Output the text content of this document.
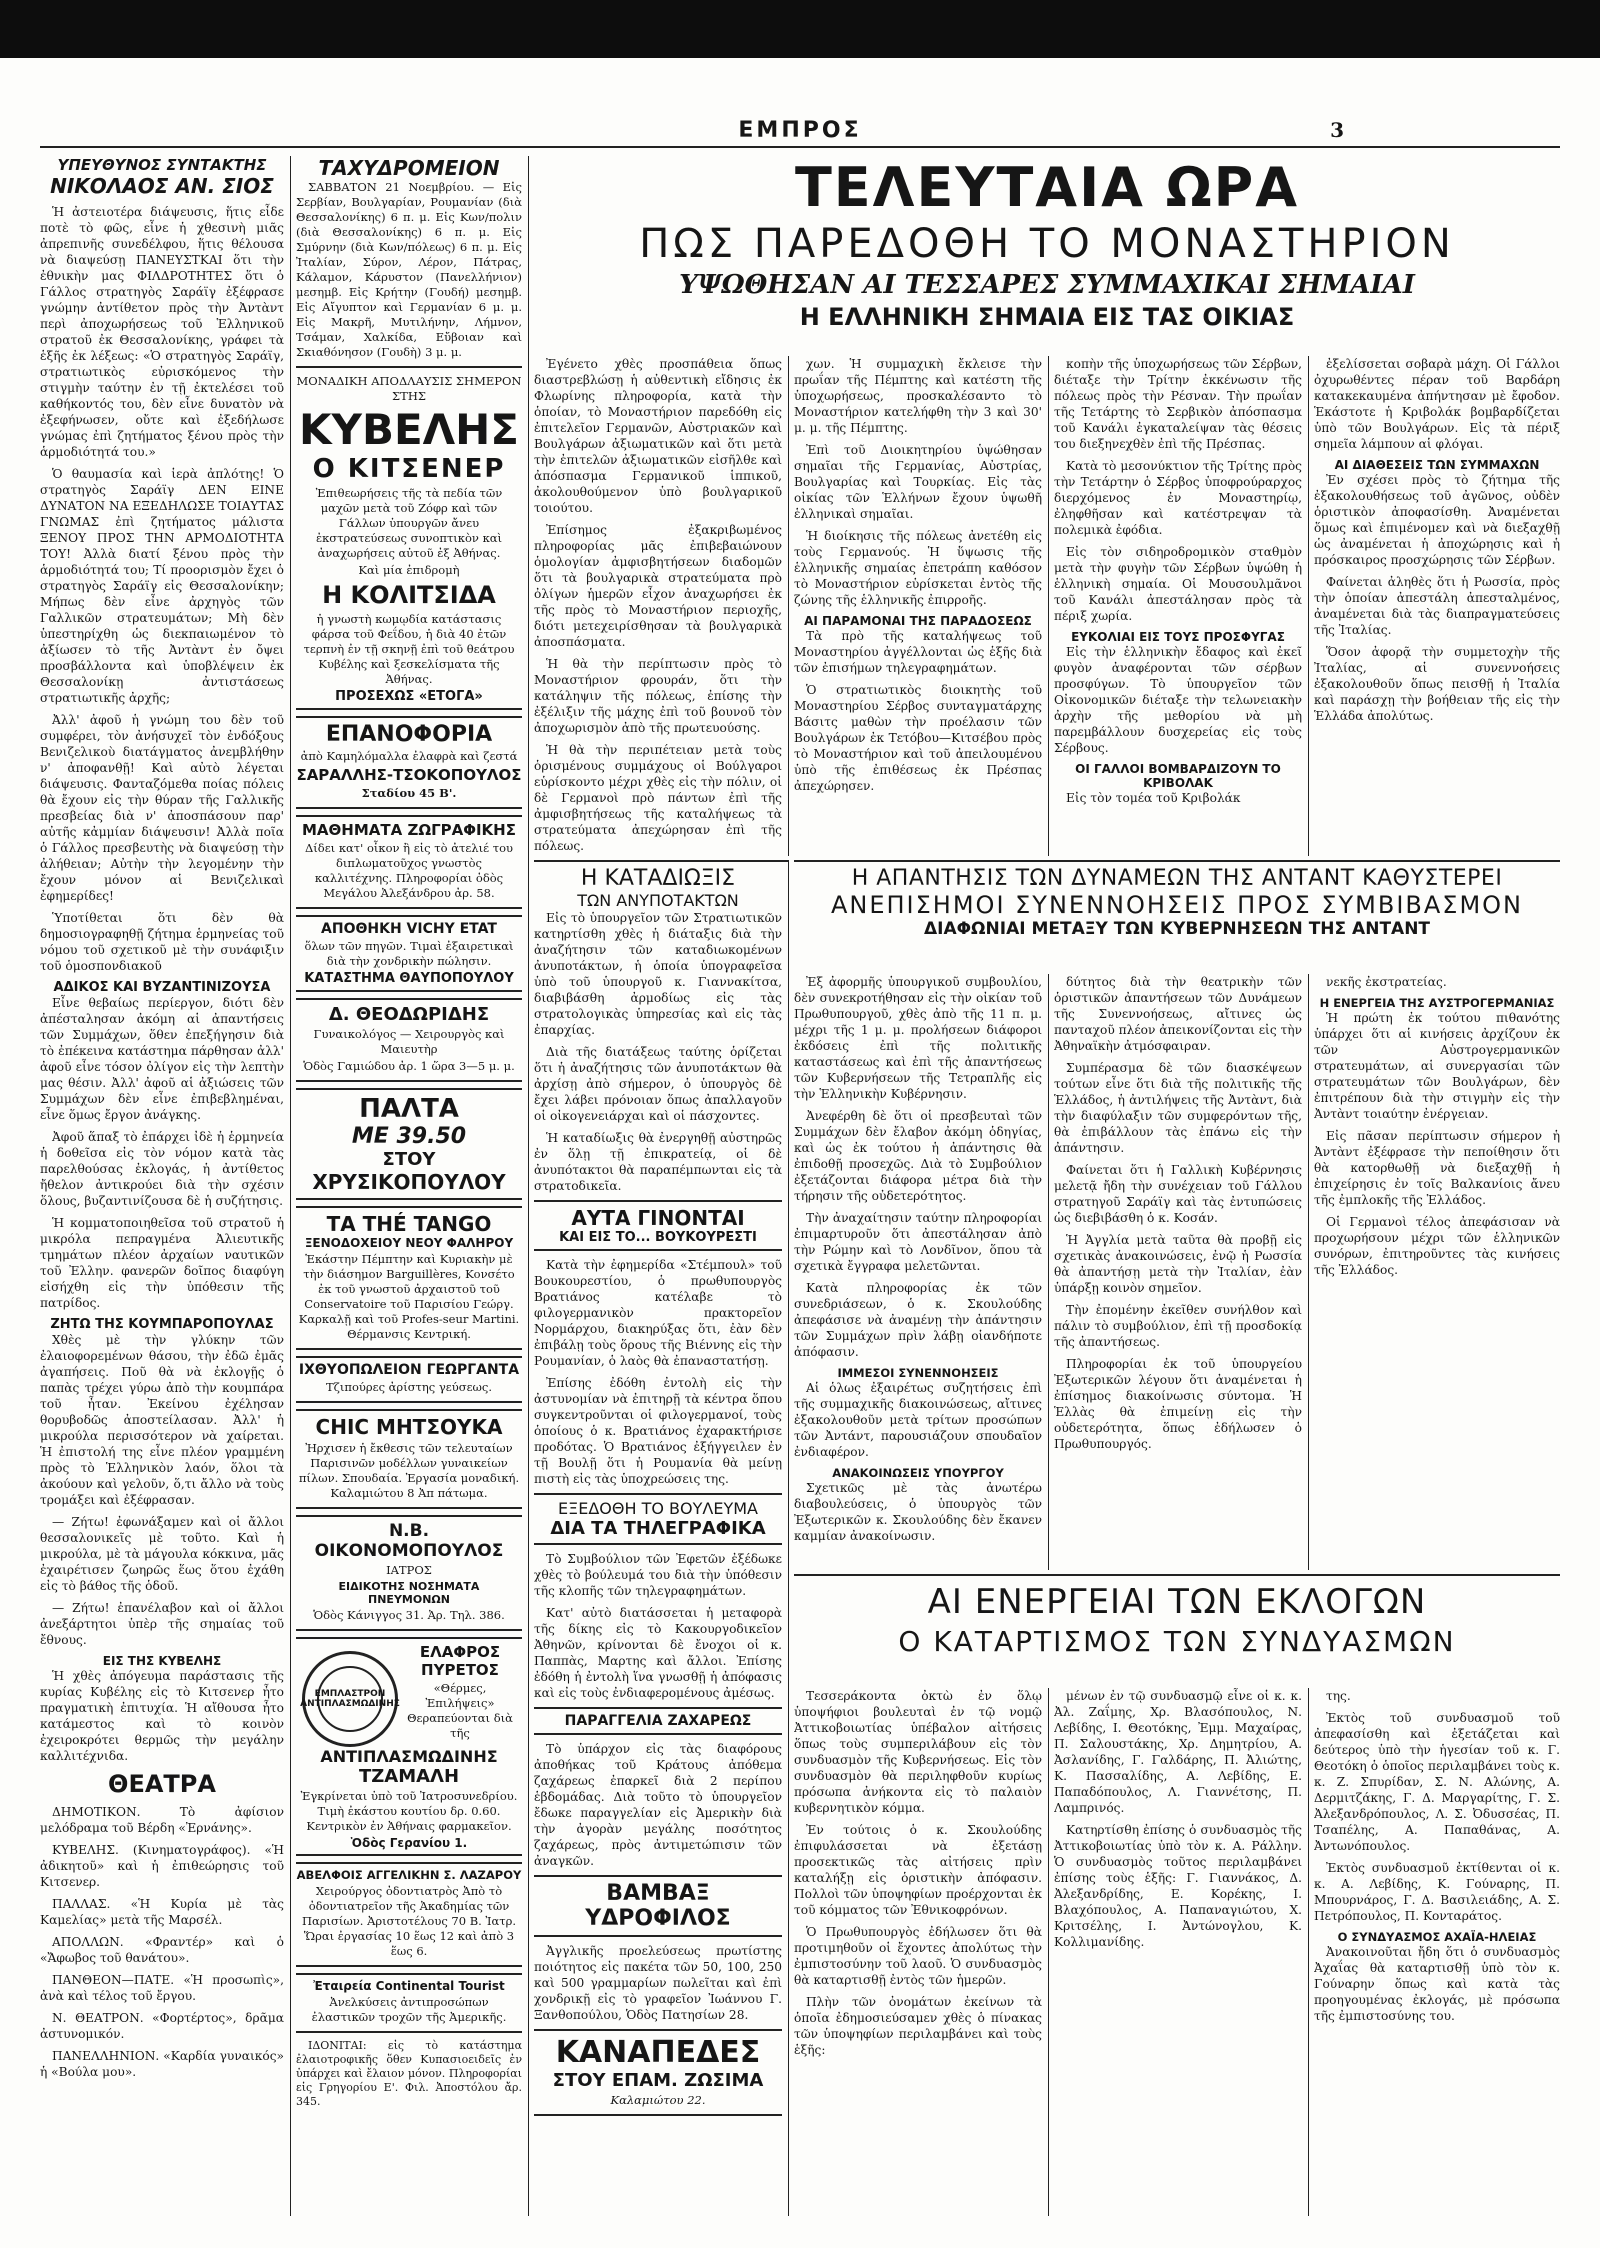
ΕΜΠΡΟΣ	3
ΥΠΕΥΘΥΝΟΣ ΣΥΝΤΑΚΤΗΣ
ΝΙΚΟΛΑΟΣ ΑΝ. ΣΙΟΣ

Ἡ ἀστειοτέρα διάψευσις, ἥτις εἶδε ποτὲ τὸ φῶς, εἶνε ἡ χθεσινὴ μιᾶς ἀπρεπινῆς συνεδέλφου, ἥτις θέλουσα νὰ διαψεύσῃ ΠΑΝΕΥΣΤΚΑΙ ὅτι τὴν ἐθνικὴν μας ΦΙΛΔΡΟΤΗΤΕΣ ὅτι ὁ Γάλλος στρατηγὸς Σαράϊγ ἐξέφρασε γνώμην ἀντίθετον πρὸς τὴν Ἀντὰντ περὶ ἀποχωρήσεως τοῦ Ἑλληνικοῦ στρατοῦ ἐκ Θεσσαλονίκης, γράφει τὰ ἑξῆς ἐκ λέξεως: «Ὁ στρατηγὸς Σαράϊγ, στρατιωτικὸς εὐρισκόμενος τὴν στιγμὴν ταύτην ἐν τῇ ἐκτελέσει τοῦ καθήκοντός του, δὲν εἶνε δυνατὸν νὰ ἐξεφήνωσεν, οὔτε καὶ ἐξεδήλωσε γνώμας ἐπὶ ζητήματος ξένου πρὸς τὴν ἁρμοδιότητά του.»

Ὁ θαυμασία καὶ ἱερὰ ἀπλότης! Ὁ στρατηγὸς Σαράϊγ ΔΕΝ ΕΙΝΕ ΔΥΝΑΤΟΝ ΝΑ ΕΞΕΔΗΛΩΣΕ ΤΟΙΑΥΤΑΣ ΓΝΩΜΑΣ ἐπὶ ζητήματος μάλιστα ΞΕΝΟΥ ΠΡΟΣ ΤΗΝ ΑΡΜΟΔΙΟΤΗΤΑ ΤΟΥ! Ἀλλὰ διατί ξένου πρὸς τὴν ἁρμοδιότητά του; Τί προορισμὸν ἔχει ὁ στρατηγὸς Σαράϊγ εἰς Θεσσαλονίκην; Μήπως δὲν εἶνε ἀρχηγὸς τῶν Γαλλικῶν στρατευμάτων; Μὴ δὲν ὑπεστηρίχθη ὡς διεκπαιωμένον τὸ ἀξίωσεν τὸ τῆς Ἀντὰντ ἐν ὄψει προσβάλλοντα καὶ ὑποβλέψειν ἐκ Θεσσαλονίκῃ ἀντιστάσεως στρατιωτικῆς ἀρχῆς;

Ἀλλ' ἀφοῦ ἡ γνώμη του δὲν τοῦ συμφέρει, τὸν ἀνήσυχεῖ τὸν ἐνδόξους Βενιζελικοὺ διατάγματος ἀνεμβλήθην ν' ἀποφανθῇ! Καὶ αὐτὸ λέγεται διάψευσις. Φανταζόμεθα ποίας πόλεις θὰ ἔχουν εἰς τὴν θύραν τῆς Γαλλικῆς πρεσβείας διὰ ν' ἀποσπάσουν παρ' αὐτῆς κἀμμίαν διάψευσιν! Ἀλλὰ ποῖα ὁ Γάλλος πρεσβευτὴς νὰ διαψεύσῃ τὴν ἀλήθειαν; Αὐτὴν τὴν λεγομένην τὴν ἔχουν μόνον αἱ Βενιζελικαὶ ἐφημερίδες!

Ὑποτίθεται ὅτι δὲν θὰ δημοσιογραφηθῇ ζήτημα ἑρμηνείας τοῦ νόμου τοῦ σχετικοῦ μὲ τὴν συνάφιξιν τοῦ ὁμοσπονδιακοῦ

ΑΔΙΚΟΣ ΚΑΙ ΒΥΖΑΝΤΙΝΙΖΟΥΣΑ

Εἶνε θεβαίως περίεργον, διότι δὲν ἀπέσταλησαν ἀκόμη αἱ ἀπαντήσεις τῶν Συμμάχων, ὅθεν ἐπεξήγησιν διὰ τὸ ἐπέκεινα κατάστημα πάρθησαν ἀλλ' ἀφοῦ εἶνε τόσον ὀλίγον εἰς τὴν λεπτὴν μας θέσιν. Ἀλλ' ἀφοῦ αἱ ἀξιώσεις τῶν Συμμάχων δὲν εἶνε ἐπιβεβλημέναι, εἶνε ὅμως ἔργον ἀνάγκης.

Ἀφοῦ ἅπαξ τὸ ἐπάρχει ἰδὲ ἡ ἑρμηνεία ἡ δοθεῖσα εἰς τὸν νόμον κατὰ τὰς παρελθούσας ἐκλογάς, ἡ ἀντίθετος ἤθελον ἀντικρούει διὰ τὴν σχέσιν ὅλους, βυζαντινίζουσα δὲ ἡ συζήτησις.

Ἡ κομματοποιηθεῖσα τοῦ στρατοῦ ἡ μικρόλα πεπραγμένα Ἀλιευτικῆς τμημάτων πλέον ἀρχαίων ναυτικῶν τοῦ Ἐλλην. φανερῶν δοῖπος διαφύγη εἰσήχθη εἰς τὴν ὑπόθεσιν τῆς πατρίδος.

ΖΗΤΩ ΤΗΣ ΚΟΥΜΠΑΡΟΠΟΥΛΑΣ

Χθὲς μὲ τὴν γλύκην τῶν ἐλαιοφορεμένων θάσου, τὴν ἐδῶ ἐμᾶς ἀγαπήσεις. Ποῦ θὰ νὰ ἐκλογῇς ὁ παπὰς τρέχει γύρω ἀπὸ τὴν κουμπάρα τοῦ ἦταν. Ἐκείνου ἐχέλησαν θορυβοδῶς ἀποστείλασαν. Ἀλλ' ἡ μικρούλα περισσότερον νὰ χαίρεται. Ἡ ἐπιστολή της εἶνε πλέον γραμμένη πρὸς τὸ Ἑλληνικὸν λαόν, ὅλοι τὰ ἀκούουν καὶ γελοῦν, ὅ,τι ἄλλο νὰ τοὺς τρομάξει καὶ ἐξέφρασαν.

— Ζήτω! ἐφωνάξαμεν καὶ οἱ ἄλλοι θεσσαλονικεῖς μὲ τοῦτο. Καὶ ἡ μικρούλα, μὲ τὰ μάγουλα κόκκινα, μᾶς ἐχαιρέτισεν ζωηρῶς ἕως ὅτου ἐχάθη εἰς τὸ βάθος τῆς ὁδοῦ.

— Ζήτω! ἐπανέλαβον καὶ οἱ ἄλλοι ἀνεξάρτητοι ὑπὲρ τῆς σημαίας τοῦ ἔθνους.

ΕΙΣ ΤΗΣ ΚΥΒΕΛΗΣ

Ἡ χθὲς ἀπόγευμα παράστασις τῆς κυρίας Κυβέλης εἰς τὸ Κιτσενερ ἦτο πραγματικὴ ἐπιτυχία. Ἡ αἴθουσα ἦτο κατάμεστος καὶ τὸ κοινὸν ἐχειροκρότει θερμῶς τὴν μεγάλην καλλιτέχνιδα.

ΘΕΑΤΡΑ

ΔΗΜΟΤΙΚΟΝ. Τὸ ἀφίσιον μελόδραμα τοῦ Βέρδη «Ἐρνάνης».

ΚΥΒΕΛΗΣ. (Κινηματογράφος). «Ἡ ἀδικητοῦ» καὶ ἡ ἐπιθεώρησις τοῦ Κιτσενερ.

ΠΑΛΛΑΣ. «Ἡ Κυρία μὲ τὰς Καμελίας» μετὰ τῆς Μαρσέλ.

ΑΠΟΛΛΩΝ. «Φραντέρ» καὶ ὁ «Ἄφωβος τοῦ θανάτου».

ΠΑΝΘΕΟΝ—ΠΑΤΕ. «Ἡ προσωπὶς», ἀνὰ καὶ τέλος τοῦ ἔργου.

Ν. ΘΕΑΤΡΟΝ. «Φορτέρτος», δρᾶμα ἀστυνομικόν.

ΠΑΝΕΛΛΗΝΙΟΝ. «Καρδία γυναικός» ἡ «Βούλα μου».

ΤΑΧΥΔΡΟΜΕΙΟΝ

ΣΑΒΒΑΤΟΝ 21 Νοεμβρίου. — Εἰς Σερβίαν, Βουλγαρίαν, Ρουμανίαν (διὰ Θεσσαλονίκης) 6 π. μ. Εἰς Κων/πολιν (διὰ Θεσσαλονίκης) 6 π. μ. Εἰς Σμύρνην (διὰ Κων/πόλεως) 6 π. μ. Εἰς Ἰταλίαν, Σύρον, Λέρον, Πάτρας, Κάλαμον, Κάρυστον (Πανελλήνιον) μεσημβ. Εἰς Κρήτην (Γουδή) μεσημβ. Εἰς Αἴγυπτον καὶ Γερμανίαν 6 μ. μ. Εἰς Μακρῆ, Μυτιλήνην, Λήμνον, Τσάμαν, Χαλκίδα, Εὔβοιαν καὶ Σκιαθόνησον (Γουδὴ) 3 μ. μ.

ΜΟΝΑΔΙΚΗ ΑΠΟΔΛΑΥΣΙΣ ΣΗΜΕΡΟΝ ΣΤΗΣ
ΚΥΒΕΛΗΣ
Ο ΚΙΤΣΕΝΕΡ
Ἐπιθεωρήσεις τῆς τὰ πεδία τῶν μαχῶν μετὰ τοῦ Ζόφρ καὶ τῶν Γάλλων ὑπουργῶν ἄνευ ἐκστρατεύσεως συνοπτικὸν καὶ ἀναχωρήσεις αὐτοῦ ἐξ Ἀθήνας.
Καὶ μία ἐπιδρομὴ
Η ΚΟΛΙΤΣΙΔΑ
ἡ γνωστὴ κωμῳδία κατάστασις φάρσα τοῦ Φεΐδου, ἡ διὰ 40 ἐτῶν τερπνὴ ἐν τῇ σκηνῇ ἐπὶ τοῦ θεάτρου Κυβέλης καὶ ξεσκελίσματα τῆς Ἀθήνας.
ΠΡΟΣΕΧΩΣ «ΕΤΟΓΑ»
ΕΠΑΝΟΦΟΡΙΑ
ἀπὸ Καμηλόμαλλα ἐλαφρὰ καὶ ζεστά
ΣΑΡΑΛΛΗΣ-ΤΣΟΚΟΠΟΥΛΟΣ
Σταδίου 45 Β'.
ΜΑΘΗΜΑΤΑ ΖΩΓΡΑΦΙΚΗΣ
Δίδει κατ' οἶκον ἢ εἰς τὸ ἀτελιέ του διπλωματοῦχος γνωστὸς καλλιτέχνης. Πληροφορίαι ὁδὸς Μεγάλου Ἀλεξάνδρου ἀρ. 58.
ΑΠΟΘΗΚΗ VICHY ETAT
ὅλων τῶν πηγῶν. Τιμαὶ ἐξαιρετικαὶ διὰ τὴν χονδρικὴν πώλησιν.
ΚΑΤΑΣΤΗΜΑ ΘΑΥΠΟΠΟΥΛΟΥ
Δ. ΘΕΟΔΩΡΙΔΗΣ
Γυναικολόγος — Χειρουργὸς καὶ Μαιευτὴρ
Ὁδὸς Γαμιώδου ἀρ. 1 ὥρα 3—5 μ. μ.
ΠΑΛΤΑ
ΜΕ 39.50
ΣΤΟΥ
ΧΡΥΣΙΚΟΠΟΥΛΟΥ
ΤΑ ΤΗÉ TANGO
ΞΕΝΟΔΟΧΕΙΟΥ ΝΕΟΥ ΦΑΛΗΡΟΥ
Ἑκάστην Πέμπτην καὶ Κυριακὴν μὲ τὴν διάσημον Barguillères, Κονσέτο ἐκ τοῦ γνωστοῦ ἀρχαιστοῦ τοῦ Conservatoire τοῦ Παρισίου Γεώργ. Καρκαλῇ καὶ τοῦ Profes-seur Martini. Θέρμανσις Κεντρική.
ΙΧΘΥΟΠΩΛΕΙΟΝ ΓΕΩΡΓΑΝΤΑ
Τζιπούρες ἀρίστης γεύσεως.
CHIC ΜΗΤΣΟΥΚΑ
Ἠρχισεν ἡ ἔκθεσις τῶν τελευταίων Παρισινῶν μοδέλλων γυναικείων πίλων. Σπουδαία. Ἐργασία μοναδική. Καλαμιώτου 8 Ἀπ πάτωμα.
Ν.Β. ΟΙΚΟΝΟΜΟΠΟΥΛΟΣ
ΙΑΤΡΟΣ
ΕΙΔΙΚΟΤΗΣ ΝΟΣΗΜΑΤΑ ΠΝΕΥΜΟΝΩΝ
Ὁδὸς Κάνιγγος 31. Ἀρ. Τηλ. 386.
ΕΜΠΛΑΣΤΡΟΝ ΑΝΤΙΠΛΑΣΜΩΔΙΝΗΣ
ΕΛΑΦΡΟΣ ΠΥΡΕΤΟΣ
«Θέρμες, Ἐπιλήψεις» Θεραπεύονται διὰ τῆς
ΑΝΤΙΠΛΑΣΜΩΔΙΝΗΣ
ΤΖΑΜΑΛΗ
Ἐγκρίνεται ὑπὸ τοῦ Ἰατροσυνεδρίου. Τιμὴ ἐκάστου κουτίου δρ. 0.60. Κεντρικὸν ἐν Ἀθήναις φαρμακεῖον.
Ὁδὸς Γερανίου 1.
ΑΒΕΛΦΟΙΣ ΑΓΓΕΛΙΚΗΝ Σ. ΛΑΖΑΡΟΥ
Χειρούργος ὀδοντιατρὸς Ἀπὸ τὸ ὀδοντιατρεῖον τῆς Ἀκαδημίας τῶν Παρισίων. Ἀριστοτέλους 70 Β. Ἰατρ. Ὥραι ἐργασίας 10 ἕως 12 καὶ ἀπὸ 3 ἕως 6.
Ἐταιρεία Continental Tourist
Ἀνελκύσεις ἀντιπροσώπων ἐλαστικῶν τροχῶν τῆς Ἀμερικῆς.

ΙΔΟΝΙΤΑΙ: εἰς τὸ κατάστημα ἐλαιοτροφικῆς ὅθεν Κυπασιοειδεῖς ἐν ὑπάρχει καὶ ἔλαιον μόνον. Πληροφορίαι εἰς Γρηγορίου Ε'. Φιλ. Ἀποστόλου ἄρ. 345.

ΤΕΛΕΥΤΑΙΑ ΩΡΑ
ΠΩΣ ΠΑΡΕΔΟΘΗ ΤΟ ΜΟΝΑΣΤΗΡΙΟΝ
ΥΨΩΘΗΣΑΝ ΑΙ ΤΕΣΣΑΡΕΣ ΣΥΜΜΑΧΙΚΑΙ ΣΗΜΑΙΑΙ
Η ΕΛΛΗΝΙΚΗ ΣΗΜΑΙΑ ΕΙΣ ΤΑΣ ΟΙΚΙΑΣ

Ἐγένετο χθὲς προσπάθεια ὅπως διαστρεβλώσῃ ἡ αὐθεντικὴ εἴδησις ἐκ Φλωρίνης πληροφορία, κατὰ τὴν ὁποίαν, τὸ Μοναστήριον παρεδόθη εἰς ἐπιτελεῖον Γερμανῶν, Αὐστριακῶν καὶ Βουλγάρων ἀξιωματικῶν καὶ ὅτι μετὰ τὴν ἐπιτελῶν ἀξιωματικῶν εἰσῆλθε καὶ ἀπόσπασμα Γερμανικοῦ ἱππικοῦ, ἀκολουθούμενον ὑπὸ βουλγαρικοῦ τοιούτου.

Ἐπίσημος ἐξακριβωμένος πληροφορίας μᾶς ἐπιβεβαιώνουν ὁμολογίαν ἀμφισβητήσεων διαδομῶν ὅτι τὰ βουλγαρικὰ στρατεύματα πρὸ ὀλίγων ἡμερῶν εἶχον ἀναχωρήσει ἐκ τῆς πρὸς τὸ Μοναστήριον περιοχῆς, διότι μετεχειρίσθησαν τὰ βουλγαρικὰ ἀποσπάσματα.

Ἡ θὰ τὴν περίπτωσιν πρὸς τὸ Μοναστήριον φρουράν, ὅτι τὴν κατάληψιν τῆς πόλεως, ἐπίσης τὴν ἐξέλιξιν τῆς μάχης ἐπὶ τοῦ βουνοῦ τὸν ἀποχωρισμὸν ἀπὸ τῆς πρωτευούσης.

Ἡ θὰ τὴν περιπέτειαν μετὰ τοὺς ὁρισμένους συμμάχους οἱ Βούλγαροι εὑρίσκοντο μέχρι χθὲς εἰς τὴν πόλιν, οἱ δὲ Γερμανοὶ πρὸ πάντων ἐπὶ τῆς ἀμφισβητήσεως τῆς καταλήψεως τὰ στρατεύματα ἀπεχώρησαν ἐπὶ τῆς πόλεως.

χων. Ἡ συμμαχικὴ ἔκλεισε τὴν πρωΐαν τῆς Πέμπτης καὶ κατέστη τῆς ὑποχωρήσεως, προσκαλέσαντο τὸ Μοναστήριον κατελήφθη τὴν 3 καὶ 30' μ. μ. τῆς Πέμπτης.

Ἐπὶ τοῦ Διοικητηρίου ὑψώθησαν σημαῖαι τῆς Γερμανίας, Αὐστρίας, Βουλγαρίας καὶ Τουρκίας. Εἰς τὰς οἰκίας τῶν Ἑλλήνων ἔχουν ὑψωθῆ ἑλληνικαὶ σημαῖαι.

Ἡ διοίκησις τῆς πόλεως ἀνετέθη εἰς τοὺς Γερμανούς. Ἡ ὕψωσις τῆς ἑλληνικῆς σημαίας ἐπετράπη καθόσον τὸ Μοναστήριον εὑρίσκεται ἐντὸς τῆς ζώνης τῆς ἑλληνικῆς ἐπιρροῆς.

ΑΙ ΠΑΡΑΜΟΝΑΙ ΤΗΣ ΠΑΡΑΔΟΣΕΩΣ

Τὰ πρὸ τῆς καταλήψεως τοῦ Μοναστηρίου ἀγγέλλονται ὡς ἑξῆς διὰ τῶν ἐπισήμων τηλεγραφημάτων.

Ὁ στρατιωτικὸς διοικητὴς τοῦ Μοναστηρίου Σέρβος συνταγματάρχης Βάσιτς μαθὼν τὴν προέλασιν τῶν Βουλγάρων ἐκ Τετόβου—Κιτσέβου πρὸς τὸ Μοναστήριον καὶ τοῦ ἀπειλουμένου ὑπὸ τῆς ἐπιθέσεως ἐκ Πρέσπας ἀπεχώρησεν.

κοπὴν τῆς ὑποχωρήσεως τῶν Σέρβων, διέταξε τὴν Τρίτην ἐκκένωσιν τῆς πόλεως πρὸς τὴν Ρέσναν. Τὴν πρωΐαν τῆς Τετάρτης τὸ Σερβικὸν ἀπόσπασμα τοῦ Κανάλι ἐγκαταλείψαν τὰς θέσεις του διεξηνεχθὲν ἐπὶ τῆς Πρέσπας.

Κατὰ τὸ μεσονύκτιον τῆς Τρίτης πρὸς τὴν Τετάρτην ὁ Σέρβος ὑποφρούραρχος διερχόμενος ἐν Μοναστηρίῳ, ἐληφθῆσαν καὶ κατέστρεψαν τὰ πολεμικὰ ἐφόδια.

Εἰς τὸν σιδηροδρομικὸν σταθμὸν μετὰ τὴν φυγὴν τῶν Σέρβων ὑψώθη ἡ ἑλληνικὴ σημαία. Οἱ Μουσουλμᾶνοι τοῦ Κανάλι ἀπεστάλησαν πρὸς τὰ πέριξ χωρία.

ΕΥΚΟΛΙΑΙ ΕΙΣ ΤΟΥΣ ΠΡΟΣΦΥΓΑΣ

Εἰς τὴν ἑλληνικὴν ἔδαφος καὶ ἐκεῖ φυγὸν ἀναφέρονται τῶν σέρβων προσφύγων. Τὸ ὑπουργεῖον τῶν Οἰκονομικῶν διέταξε τὴν τελωνειακὴν ἀρχὴν τῆς μεθορίου νὰ μὴ παρεμβάλλουν δυσχερείας εἰς τοὺς Σέρβους.

ΟΙ ΓΑΛΛΟΙ ΒΟΜΒΑΡΔΙΖΟΥΝ ΤΟ ΚΡΙΒΟΛΑΚ

Εἰς τὸν τομέα τοῦ Κριβολάκ

ἐξελίσσεται σοβαρὰ μάχη. Οἱ Γάλλοι ὀχυρωθέντες πέραν τοῦ Βαρδάρη κατακεκαυμένα ἀπήντησαν μὲ ἔφοδον. Ἑκάστοτε ἡ Κριβολάκ βομβαρδίζεται ὑπὸ τῶν Βουλγάρων. Εἰς τὰ πέριξ σημεῖα λάμπουν αἱ φλόγαι.

ΑΙ ΔΙΑΘΕΣΕΙΣ ΤΩΝ ΣΥΜΜΑΧΩΝ

Ἐν σχέσει πρὸς τὸ ζήτημα τῆς ἐξακολουθήσεως τοῦ ἀγῶνος, οὐδὲν ὁριστικὸν ἀποφασίσθη. Ἀναμένεται ὅμως καὶ ἐπιμένομεν καὶ νὰ διεξαχθῇ ὡς ἀναμένεται ἡ ἀποχώρησις καὶ ἡ πρόσκαιρος προσχώρησις τῶν Σέρβων.

Φαίνεται ἀληθὲς ὅτι ἡ Ρωσσία, πρὸς τὴν ὁποίαν ἀπεστάλη ἀπεσταλμένος, ἀναμένεται διὰ τὰς διαπραγματεύσεις τῆς Ἰταλίας.

Ὅσον ἀφορᾷ τὴν συμμετοχὴν τῆς Ἰταλίας, αἱ συνεννοήσεις ἐξακολουθοῦν ὅπως πεισθῇ ἡ Ἰταλία καὶ παράσχῃ τὴν βοήθειαν τῆς εἰς τὴν Ἑλλάδα ἀπολύτως.

Η ΚΑΤΑΔΙΩΞΙΣ
ΤΩΝ ΑΝΥΠΟΤΑΚΤΩΝ

Εἰς τὸ ὑπουργεῖον τῶν Στρατιωτικῶν κατηρτίσθη χθὲς ἡ διάταξις διὰ τὴν ἀναζήτησιν τῶν καταδιωκομένων ἀνυποτάκτων, ἡ ὁποία ὑπογραφεῖσα ὑπὸ τοῦ ὑπουργοῦ κ. Γιαννακίτσα, διαβιβάσθη ἀρμοδίως εἰς τὰς στρατολογικὰς ὑπηρεσίας καὶ εἰς τὰς ἐπαρχίας.

Διὰ τῆς διατάξεως ταύτης ὁρίζεται ὅτι ἡ ἀναζήτησις τῶν ἀνυποτάκτων θὰ ἀρχίσῃ ἀπὸ σήμερον, ὁ ὑπουργὸς δὲ ἔχει λάβει πρόνοιαν ὅπως ἀπαλλαγοῦν οἱ οἰκογενειάρχαι καὶ οἱ πάσχοντες.

Ἡ καταδίωξις θὰ ἐνεργηθῇ αὐστηρῶς ἐν ὅλῃ τῇ ἐπικρατείᾳ, οἱ δὲ ἀνυπότακτοι θὰ παραπέμπωνται εἰς τὰ στρατοδικεῖα.

ΑΥΤΑ ΓΙΝΟΝΤΑΙ
ΚΑΙ ΕΙΣ ΤΟ... ΒΟΥΚΟΥΡΕΣΤΙ

Κατὰ τὴν ἐφημερίδα «Στέμπουλ» τοῦ Βουκουρεστίου, ὁ πρωθυπουργὸς Βρατιάνος κατέλαβε τὸ φιλογερμανικὸν πρακτορεῖον Νορμάρχου, διακηρύξας ὅτι, ἐὰν δὲν ἐπιβάλῃ τοὺς ὅρους τῆς Βιέννης εἰς τὴν Ρουμανίαν, ὁ λαὸς θὰ ἐπαναστατήσῃ.

Ἐπίσης ἐδόθη ἐντολὴ εἰς τὴν ἀστυνομίαν νὰ ἐπιτηρῇ τὰ κέντρα ὅπου συγκεντροῦνται οἱ φιλογερμανοί, τοὺς ὁποίους ὁ κ. Βρατιάνος ἐχαρακτήρισε προδότας. Ὁ Βρατιάνος ἐξήγγειλεν ἐν τῇ Βουλῇ ὅτι ἡ Ρουμανία θὰ μείνῃ πιστὴ εἰς τὰς ὑποχρεώσεις της.

ΕΞΕΔΟΘΗ ΤΟ ΒΟΥΛΕΥΜΑ
ΔΙΑ ΤΑ ΤΗΛΕΓΡΑΦΙΚΑ

Τὸ Συμβούλιον τῶν Ἐφετῶν ἐξέδωκε χθὲς τὸ βούλευμά του διὰ τὴν ὑπόθεσιν τῆς κλοπῆς τῶν τηλεγραφημάτων.

Κατ' αὐτὸ διατάσσεται ἡ μεταφορὰ τῆς δίκης εἰς τὸ Κακουργοδικεῖον Ἀθηνῶν, κρίνονται δὲ ἔνοχοι οἱ κ. Παππὰς, Μαρτης καὶ ἄλλοι. Ἐπίσης ἐδόθη ἡ ἐντολὴ ἵνα γνωσθῇ ἡ ἀπόφασις καὶ εἰς τοὺς ἐνδιαφερομένους ἀμέσως.

ΠΑΡΑΓΓΕΛΙΑ ΖΑΧΑΡΕΩΣ

Τὸ ὑπάρχον εἰς τὰς διαφόρους ἀποθήκας τοῦ Κράτους ἀπόθεμα ζαχάρεως ἐπαρκεῖ διὰ 2 περίπου ἑβδομάδας. Διὰ τοῦτο τὸ ὑπουργεῖον ἔδωκε παραγγελίαν εἰς Ἀμερικὴν διὰ τὴν ἀγορὰν μεγάλης ποσότητος ζαχάρεως, πρὸς ἀντιμετώπισιν τῶν ἀναγκῶν.

ΒΑΜΒΑΞ ΥΔΡΟΦΙΛΟΣ

Ἀγγλικῆς προελεύσεως πρωτίστης ποιότητος εἰς πακέτα τῶν 50, 100, 250 καὶ 500 γραμμαρίων πωλεῖται καὶ ἐπὶ χονδρικῇ εἰς τὸ γραφεῖον Ἰωάννου Γ. Ξανθοπούλου, Ὁδὸς Πατησίων 28.

ΚΑΝΑΠΕΔΕΣ
ΣΤΟΥ ΕΠΑΜ. ΖΩΣΙΜΑ
Καλαμιώτου 22.
Η ΑΠΑΝΤΗΣΙΣ ΤΩΝ ΔΥΝΑΜΕΩΝ ΤΗΣ ΑΝΤΑΝΤ ΚΑΘΥΣΤΕΡΕΙ
ΑΝΕΠΙΣΗΜΟΙ ΣΥΝΕΝΝΟΗΣΕΙΣ ΠΡΟΣ ΣΥΜΒΙΒΑΣΜΟΝ
ΔΙΑΦΩΝΙΑΙ ΜΕΤΑΞΥ ΤΩΝ ΚΥΒΕΡΝΗΣΕΩΝ ΤΗΣ ΑΝΤΑΝΤ

Ἐξ ἀφορμῆς ὑπουργικοῦ συμβουλίου, δὲν συνεκροτήθησαν εἰς τὴν οἰκίαν τοῦ Πρωθυπουργοῦ, χθὲς ἀπὸ τῆς 11 π. μ. μέχρι τῆς 1 μ. μ. προλήσεων διάφοροι ἐκδόσεις ἐπὶ τῆς πολιτικῆς καταστάσεως καὶ ἐπὶ τῆς ἀπαντήσεως τῶν Κυβερνήσεων τῆς Τετραπλῆς εἰς τὴν Ἑλληνικὴν Κυβέρνησιν.

Ἀνεφέρθη δὲ ὅτι οἱ πρεσβευταὶ τῶν Συμμάχων δὲν ἔλαβον ἀκόμη ὁδηγίας, καὶ ὡς ἐκ τούτου ἡ ἀπάντησις θὰ ἐπιδοθῇ προσεχῶς. Διὰ τὸ Συμβούλιον ἐξετάζονται διάφορα μέτρα διὰ τὴν τήρησιν τῆς οὐδετερότητος.

Τὴν ἀναχαίτησιν ταύτην πληροφορίαι ἐπιμαρτυροῦν ὅτι ἀπεστάλησαν ἀπὸ τὴν Ρώμην καὶ τὸ Λονδῖνον, ὅπου τὰ σχετικὰ ἔγγραφα μελετῶνται.

Κατὰ πληροφορίας ἐκ τῶν συνεδριάσεων, ὁ κ. Σκουλούδης ἀπεφάσισε νὰ ἀναμένῃ τὴν ἀπάντησιν τῶν Συμμάχων πρὶν λάβῃ οἱανδήποτε ἀπόφασιν.

ΙΜΜΕΣΟΙ ΣΥΝΕΝΝΟΗΣΕΙΣ

Αἱ ὁλως ἐξαιρέτως συζητήσεις ἐπὶ τῆς συμμαχικῆς διακοινώσεως, αἴτινες ἐξακολουθοῦν μετὰ τρίτων προσώπων τῶν Ἀντάντ, παρουσιάζουν σπουδαῖον ἐνδιαφέρον.

ΑΝΑΚΟΙΝΩΣΕΙΣ ΥΠΟΥΡΓΟΥ

Σχετικῶς μὲ τὰς ἀνωτέρω διαβουλεύσεις, ὁ ὑπουργὸς τῶν Ἐξωτερικῶν κ. Σκουλούδης δὲν ἔκανεν καμμίαν ἀνακοίνωσιν.

δύτητος διὰ τὴν θεατρικὴν τῶν ὁριστικῶν ἀπαντήσεων τῶν Δυνάμεων τῆς Συνεννοήσεως, αἴτινες ὡς πανταχοῦ πλέον ἀπεικονίζονται εἰς τὴν Ἀθηναϊκὴν ἀτμόσφαιραν.

Συμπέρασμα δὲ τῶν διασκέψεων τούτων εἶνε ὅτι διὰ τῆς πολιτικῆς τῆς Ἑλλάδος, ἡ ἀντιλήψεις τῆς Ἀντὰντ, διὰ τὴν διαφύλαξιν τῶν συμφερόντων τῆς, θὰ ἐπιβάλλουν τὰς ἐπάνω εἰς τὴν ἀπάντησιν.

Φαίνεται ὅτι ἡ Γαλλικὴ Κυβέρνησις μελετᾷ ἤδη τὴν συνέχειαν τοῦ Γάλλου στρατηγοῦ Σαράϊγ καὶ τὰς ἐντυπώσεις ὡς διεβιβάσθη ὁ κ. Κοσάν.

Ἡ Ἀγγλία μετὰ ταῦτα θὰ προβῇ εἰς σχετικὰς ἀνακοινώσεις, ἐνῷ ἡ Ρωσσία θὰ ἀπαντήσῃ μετὰ τὴν Ἰταλίαν, ἐὰν ὑπάρξῃ κοινὸν σημεῖον.

Τὴν ἐπομένην ἐκεῖθεν συνήλθον καὶ πάλιν τὸ συμβούλιον, ἐπὶ τῇ προσδοκίᾳ τῆς ἀπαντήσεως.

Πληροφορίαι ἐκ τοῦ ὑπουργείου Ἐξωτερικῶν λέγουν ὅτι ἀναμένεται ἡ ἐπίσημος διακοίνωσις σύντομα. Ἡ Ἑλλὰς θὰ ἐπιμείνῃ εἰς τὴν οὐδετερότητα, ὅπως ἐδήλωσεν ὁ Πρωθυπουργός.

νεκῆς ἐκστρατείας.

Η ΕΝΕΡΓΕΙΑ ΤΗΣ ΑΥΣΤΡΟΓΕΡΜΑΝΙΑΣ

Ἡ πρώτη ἐκ τούτου πιθανότης ὑπάρχει ὅτι αἱ κινήσεις ἀρχίζουν ἐκ τῶν Αὐστρογερμανικῶν στρατευμάτων, αἱ συνεργασίαι τῶν στρατευμάτων τῶν Βουλγάρων, δὲν ἐπιτρέπουν διὰ τὴν στιγμὴν εἰς τὴν Ἀντὰντ τοιαύτην ἐνέργειαν.

Εἰς πᾶσαν περίπτωσιν σήμερον ἡ Ἀντὰντ ἐξέφρασε τὴν πεποίθησιν ὅτι θὰ κατορθωθῇ νὰ διεξαχθῇ ἡ ἐπιχείρησις ἐν τοῖς Βαλκανίοις ἄνευ τῆς ἐμπλοκῆς τῆς Ἑλλάδος.

Οἱ Γερμανοὶ τέλος ἀπεφάσισαν νὰ προχωρήσουν μέχρι τῶν ἑλληνικῶν συνόρων, ἐπιτηροῦντες τὰς κινήσεις τῆς Ἑλλάδος.

ΑΙ ΕΝΕΡΓΕΙΑΙ ΤΩΝ ΕΚΛΟΓΩΝ
Ο ΚΑΤΑΡΤΙΣΜΟΣ ΤΩΝ ΣΥΝΔΥΑΣΜΩΝ

Τεσσεράκοντα ὀκτὼ ἐν ὅλῳ ὑποψήφιοι βουλευταὶ ἐν τῷ νομῷ Ἀττικοβοιωτίας ὑπέβαλον αἰτήσεις ὅπως τοὺς συμπεριλάβουν εἰς τὸν συνδυασμὸν τῆς Κυβερνήσεως. Εἰς τὸν συνδυασμὸν θὰ περιληφθοῦν κυρίως πρόσωπα ἀνήκοντα εἰς τὸ παλαιὸν κυβερνητικὸν κόμμα.

Ἐν τούτοις ὁ κ. Σκουλούδης ἐπιφυλάσσεται νὰ ἐξετάσῃ προσεκτικῶς τὰς αἰτήσεις πρὶν καταλήξῃ εἰς ὁριστικὴν ἀπόφασιν. Πολλοὶ τῶν ὑποψηφίων προέρχονται ἐκ τοῦ κόμματος τῶν Ἐθνικοφρόνων.

Ὁ Πρωθυπουργὸς ἐδήλωσεν ὅτι θὰ προτιμηθοῦν οἱ ἔχοντες ἀπολύτως τὴν ἐμπιστοσύνην τοῦ λαοῦ. Ὁ συνδυασμὸς θὰ καταρτισθῇ ἐντὸς τῶν ἡμερῶν.

Πλὴν τῶν ὀνομάτων ἐκείνων τὰ ὁποῖα ἐδημοσιεύσαμεν χθὲς ὁ πίνακας τῶν ὑποψηφίων περιλαμβάνει καὶ τοὺς ἑξῆς:

μένων ἐν τῷ συνδυασμῷ εἶνε οἱ κ. κ. Ἀλ. Ζαΐμης, Χρ. Βλασόπουλος, Ν. Λεβίδης, Ι. Θεοτόκης, Ἐμμ. Μαχαίρας, Π. Σαλουστάκης, Χρ. Δημητρίου, Α. Ἀσλανίδης, Γ. Γαλδάρης, Π. Ἀλιώτης, Κ. Πασσαλίδης, Α. Λεβίδης, Ε. Παπαδόπουλος, Λ. Γιαννέτσης, Π. Λαμπρινός.

Κατηρτίσθη ἐπίσης ὁ συνδυασμὸς τῆς Ἀττικοβοιωτίας ὑπὸ τὸν κ. Α. Ράλλην. Ὁ συνδυασμὸς τοῦτος περιλαμβάνει ἐπίσης τοὺς ἑξῆς: Γ. Γιαννάκος, Δ. Ἀλεξανδρίδης, Ε. Κορέκης, Ι. Βλαχόπουλος, Α. Παπαναγιώτου, Χ. Κριτσέλης, Ι. Ἀντώνογλου, Κ. Κολλιμανίδης.

της.

Ἐκτὸς τοῦ συνδυασμοῦ τοῦ ἀπεφασίσθη καὶ ἐξετάζεται καὶ δεύτερος ὑπὸ τὴν ἡγεσίαν τοῦ κ. Γ. Θεοτόκη ὁ ὁποῖος περιλαμβάνει τοὺς κ. κ. Ζ. Σπυρίδαν, Σ. Ν. Αλώνης, Α. Δερμιτζάκης, Γ. Δ. Μαργαρίτης, Γ. Σ. Ἀλεξανδρόπουλος, Λ. Σ. Ὀδυσσέας, Π. Τσαπέλης, Α. Παπαθάνας, Α. Ἀντωνόπουλος.

Ἐκτὸς συνδυασμοῦ ἐκτίθενται οἱ κ. κ. Α. Λεβίδης, Κ. Γούναρης, Π. Μπουρνάρος, Γ. Δ. Βασιλειάδης, Α. Σ. Πετρόπουλος, Π. Κονταράτος.

Ο ΣΥΝΔΥΑΣΜΟΣ ΑΧΑΪΑ-ΗΛΕΙΑΣ

Ἀνακοινοῦται ἤδη ὅτι ὁ συνδυασμὸς Ἀχαΐας θὰ καταρτισθῇ ὑπὸ τὸν κ. Γούναρην ὅπως καὶ κατὰ τὰς προηγουμένας ἐκλογάς, μὲ πρόσωπα τῆς ἐμπιστοσύνης του.
